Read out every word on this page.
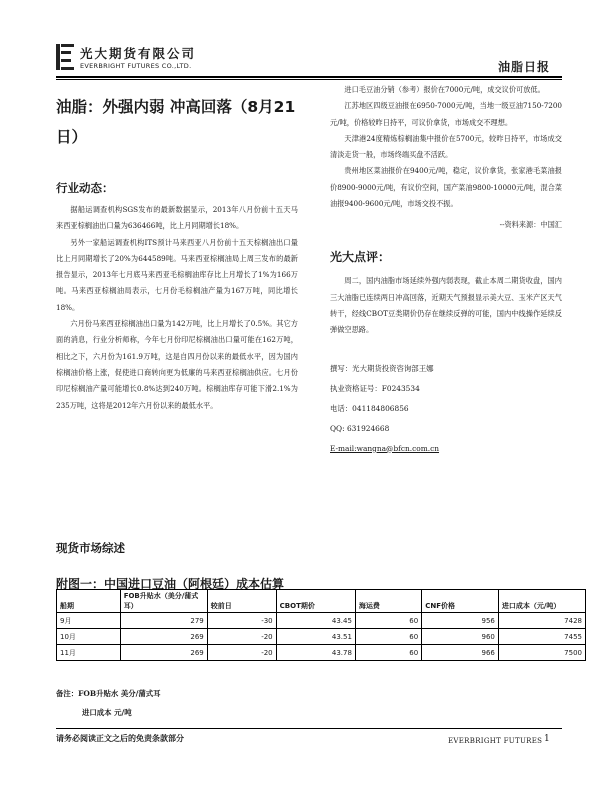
光大期货有限公司
EVERBRIGHT FUTURES CO.,LTD.	油脂日报
油脂：外强内弱 冲高回落（8月21日）
行业动态：

据船运调查机构SGS发布的最新数据显示，2013年八月份前十五天马来西亚棕榈油出口量为636466吨，比上月同期增长18%。

另外一家船运调查机构ITS预计马来西亚八月份前十五天棕榈油出口量比上月同期增长了20%为644589吨。马来西亚棕榈油局上周三发布的最新报告显示，2013年七月底马来西亚毛棕榈油库存比上月增长了1%为166万吨。马来西亚棕榈油局表示，七月份毛棕榈油产量为167万吨，同比增长18%。

六月份马来西亚棕榈油出口量为142万吨，比上月增长了0.5%。其它方面的消息，行业分析师称，今年七月份印尼棕榈油出口量可能在162万吨，相比之下，六月份为161.9万吨，这是自四月份以来的最低水平，因为国内棕榈油价格上涨，促使进口商转向更为低廉的马来西亚棕榈油供应。七月份印尼棕榈油产量可能增长0.8%达到240万吨。棕榈油库存可能下滑2.1%为235万吨，这将是2012年六月份以来的最低水平。

进口毛豆油分销（参考）报价在7000元/吨，成交议价可放低。

江苏地区四级豆油报在6950-7000元/吨，当地一级豆油7150-7200元/吨，价格较昨日持平，可议价拿货，市场成交不理想。

天津港24度精炼棕榈油集中报价在5700元，较昨日持平，市场成交清淡走货一般，市场终端买盘不活跃。

贵州地区菜油报价在9400元/吨，稳定，议价拿货，张家港毛菜油报价8900-9000元/吨，有议价空间，国产菜油9800-10000元/吨，混合菜油报9400-9600元/吨，市场交投不振。

--资料来源：中国汇
光大点评：

周二，国内油脂市场延续外强内弱表现，截止本周二期货收盘，国内三大油脂已连续两日冲高回落，近期天气预报显示美大豆、玉米产区天气转干，经线CBOT豆类期价仍存在继续反弹的可能，国内中线操作延续反弹做空思路。

撰写：光大期货投资咨询部王娜
执业资格证号：F0243534
电话：041184806856
QQ: 631924668
E-mail:wangna@bfcn.com.cn
现货市场综述
附图一：中国进口豆油（阿根廷）成本估算
船期	FOB升贴水（美分/蒲式耳）	较前日	CBOT期价	海运费	CNF价格	进口成本（元/吨）
9月	279	-30	43.45	60	956	7428
10月	269	-20	43.51	60	960	7455
11月	269	-20	43.78	60	966	7500
备注：FOB升贴水 美分/蒲式耳
进口成本 元/吨
请务必阅读正文之后的免责条款部分	EVERBRIGHT FUTURES 1
